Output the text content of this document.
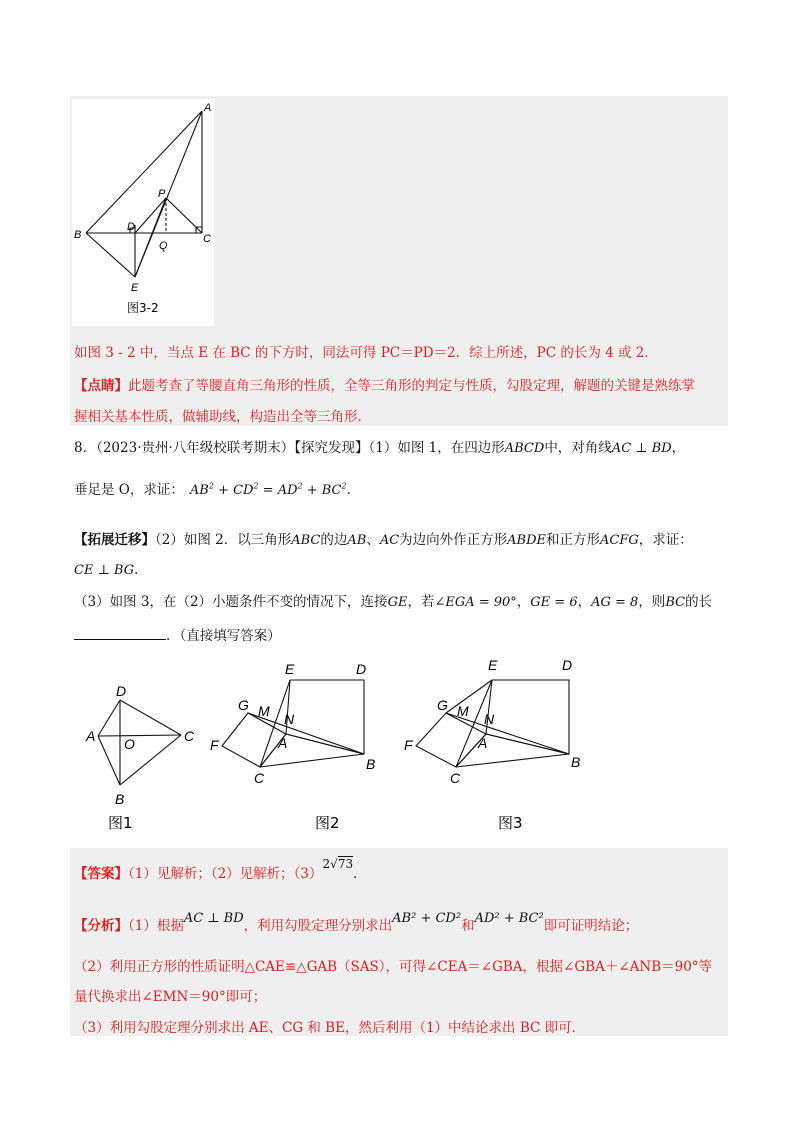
A
P
B
D
Q
C
E
图3-2
如图 3 - 2 中，当点 E 在 BC 的下方时，同法可得 PC＝PD＝2．综上所述，PC 的长为 4 或 2．
【点睛】此题考查了等腰直角三角形的性质，全等三角形的判定与性质，勾股定理，解题的关键是熟练掌
握相关基本性质，做辅助线，构造出全等三角形．
8．（2023·贵州·八年级校联考期末）【探究发现】（1）如图 1，在四边形ABCD中，对角线AC ⊥ BD，
垂足是 O，求证： $AB^2 + CD^2 = AD^2 + BC^2$．
【拓展迁移】（2）如图 2．以三角形ABC的边AB、AC为边向外作正方形ABDE和正方形ACFG，求证：
CE ⊥ BG．
（3）如图 3，在（2）小题条件不变的情况下，连接GE，若∠EGA = 90°，GE = 6，AG = 8，则BC的长
．（直接填写答案）
D
A O	C
B
E	D
G M N
F	A
B
C
E	D
G M N
F	A
B
C
图1	图2	图3
【答案】（1）见解析；（2）见解析；（3）2√73．
【分析】（1）根据AC ⊥ BD，利用勾股定理分别求出AB² + CD²和AD² + BC²即可证明结论；
（2）利用正方形的性质证明△CAE≌△GAB（SAS），可得∠CEA＝∠GBA，根据∠GBA＋∠ANB＝90°等
量代换求出∠EMN＝90°即可；
（3）利用勾股定理分别求出 AE、CG 和 BE，然后利用（1）中结论求出 BC 即可．
